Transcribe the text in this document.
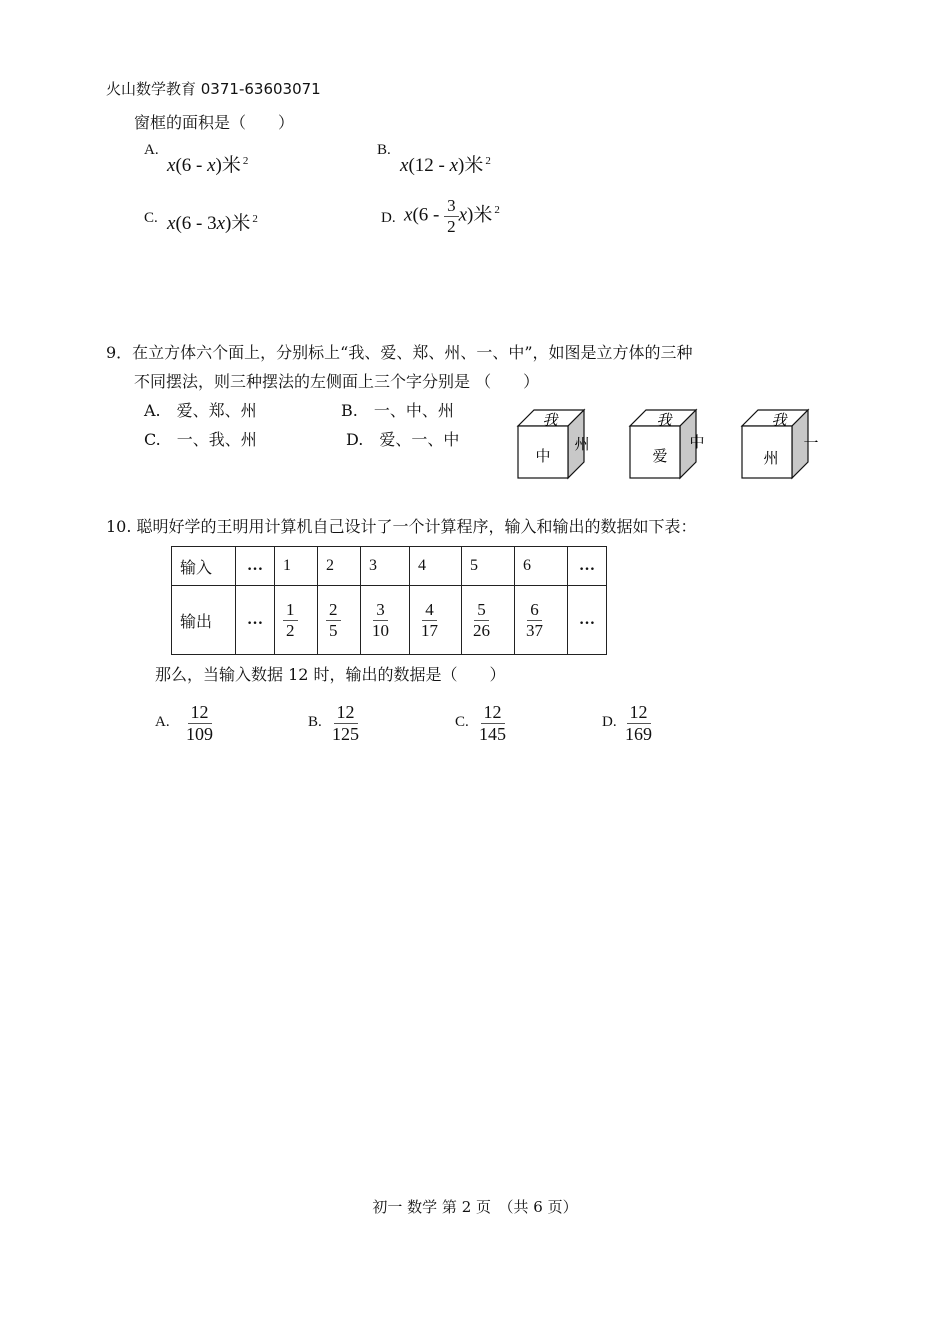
火山数学教育 0371-63603071
窗框的面积是（　　）
A.
x(6 - x)米 $^2$
B.
x(12 - x)米 $^2$
C. x(6 - 3x)米 $^2$	D. $x(6 - \frac{3}{2} x)$米 $^2$
9．在立方体六个面上，分别标上“我、爱、郑、州、一、中”，如图是立方体的三种
不同摆法，则三种摆法的左侧面上三个字分别是 （　　）
A.　爱、郑、州	B.　一、中、州
C.　一、我、州	D.　爱、一、中
我
中
州
我
爱
中
我
州
一
10. 聪明好学的王明用计算机自己设计了一个计算程序，输入和输出的数据如下表：
输入	…	1	2	3	4	5	6	…
输出	…	$\frac{1}{2}$	$\frac{2}{5}$	$\frac{3}{10}$	$\frac{4}{17}$	$\frac{5}{26}$	$\frac{6}{37}$	…
那么，当输入数据 12 时，输出的数据是（　　）
A. $\frac{12}{109}$	B. $\frac{12}{125}$	C. $\frac{12}{145}$	D. $\frac{12}{169}$
初一 数学 第 2 页　（共 6 页）
